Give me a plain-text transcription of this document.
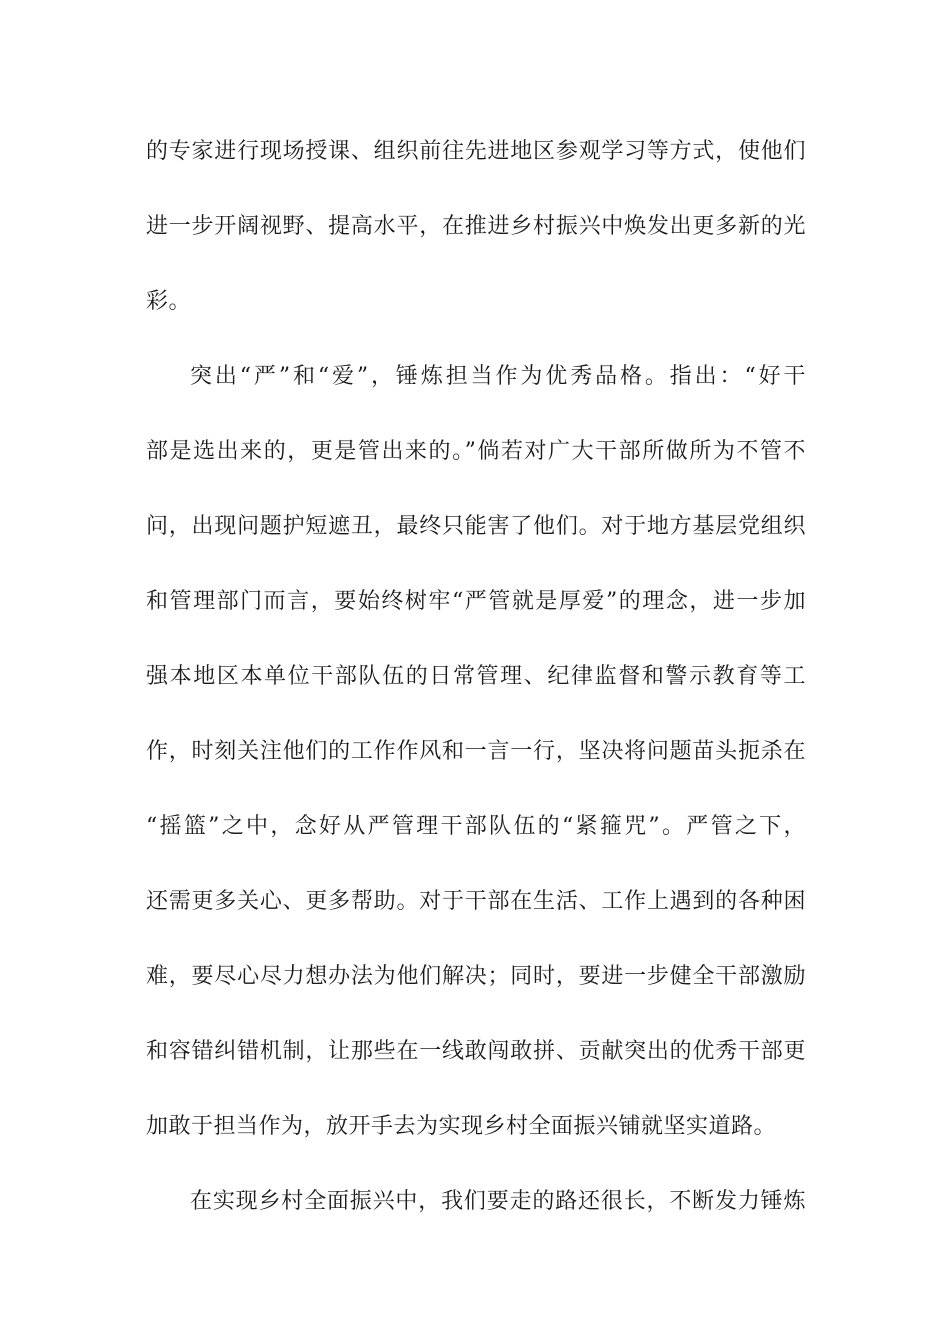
的专家进行现场授课、组织前往先进地区参观学习等方式，使他们
进一步开阔视野、提高水平，在推进乡村振兴中焕发出更多新的光
彩。
突出“严”和“爱”，锤炼担当作为优秀品格。指出：“好干
部是选出来的，更是管出来的。”倘若对广大干部所做所为不管不
问，出现问题护短遮丑，最终只能害了他们。对于地方基层党组织
和管理部门而言，要始终树牢“严管就是厚爱”的理念，进一步加
强本地区本单位干部队伍的日常管理、纪律监督和警示教育等工
作，时刻关注他们的工作作风和一言一行，坚决将问题苗头扼杀在
“摇篮”之中，念好从严管理干部队伍的“紧箍咒”。严管之下，
还需更多关心、更多帮助。对于干部在生活、工作上遇到的各种困
难，要尽心尽力想办法为他们解决；同时，要进一步健全干部激励
和容错纠错机制，让那些在一线敢闯敢拼、贡献突出的优秀干部更
加敢于担当作为，放开手去为实现乡村全面振兴铺就坚实道路。
在实现乡村全面振兴中，我们要走的路还很长，不断发力锤炼
